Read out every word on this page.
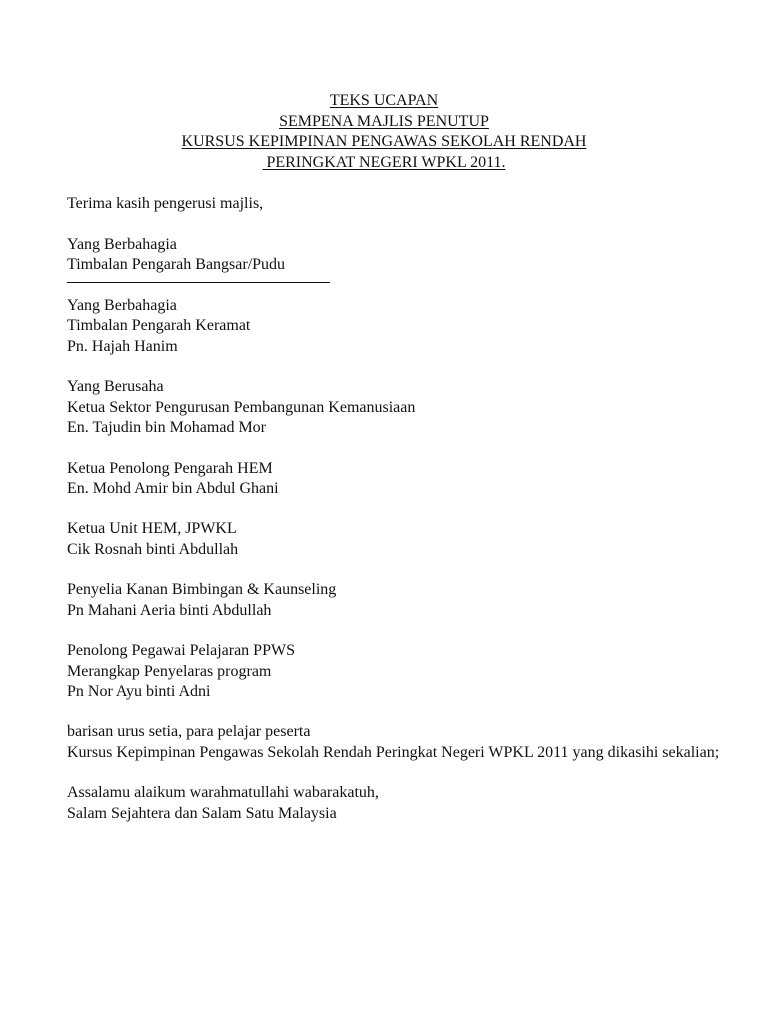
TEKS UCAPAN
SEMPENA MAJLIS PENUTUP
KURSUS KEPIMPINAN PENGAWAS SEKOLAH RENDAH
PERINGKAT NEGERI WPKL 2011.

Terima kasih pengerusi majlis,

Yang Berbahagia
Timbalan Pengarah Bangsar/Pudu
Yang Berbahagia
Timbalan Pengarah Keramat
Pn. Hajah Hanim
Yang Berusaha
Ketua Sektor Pengurusan Pembangunan Kemanusiaan
En. Tajudin bin Mohamad Mor
Ketua Penolong Pengarah HEM
En. Mohd Amir bin Abdul Ghani
Ketua Unit HEM, JPWKL
Cik Rosnah binti Abdullah
Penyelia Kanan Bimbingan & Kaunseling
Pn Mahani Aeria binti Abdullah
Penolong Pegawai Pelajaran PPWS
Merangkap Penyelaras program
Pn Nor Ayu binti Adni
barisan urus setia, para pelajar peserta
Kursus Kepimpinan Pengawas Sekolah Rendah Peringkat Negeri WPKL 2011 yang dikasihi sekalian;
Assalamu alaikum warahmatullahi wabarakatuh,
Salam Sejahtera dan Salam Satu Malaysia
